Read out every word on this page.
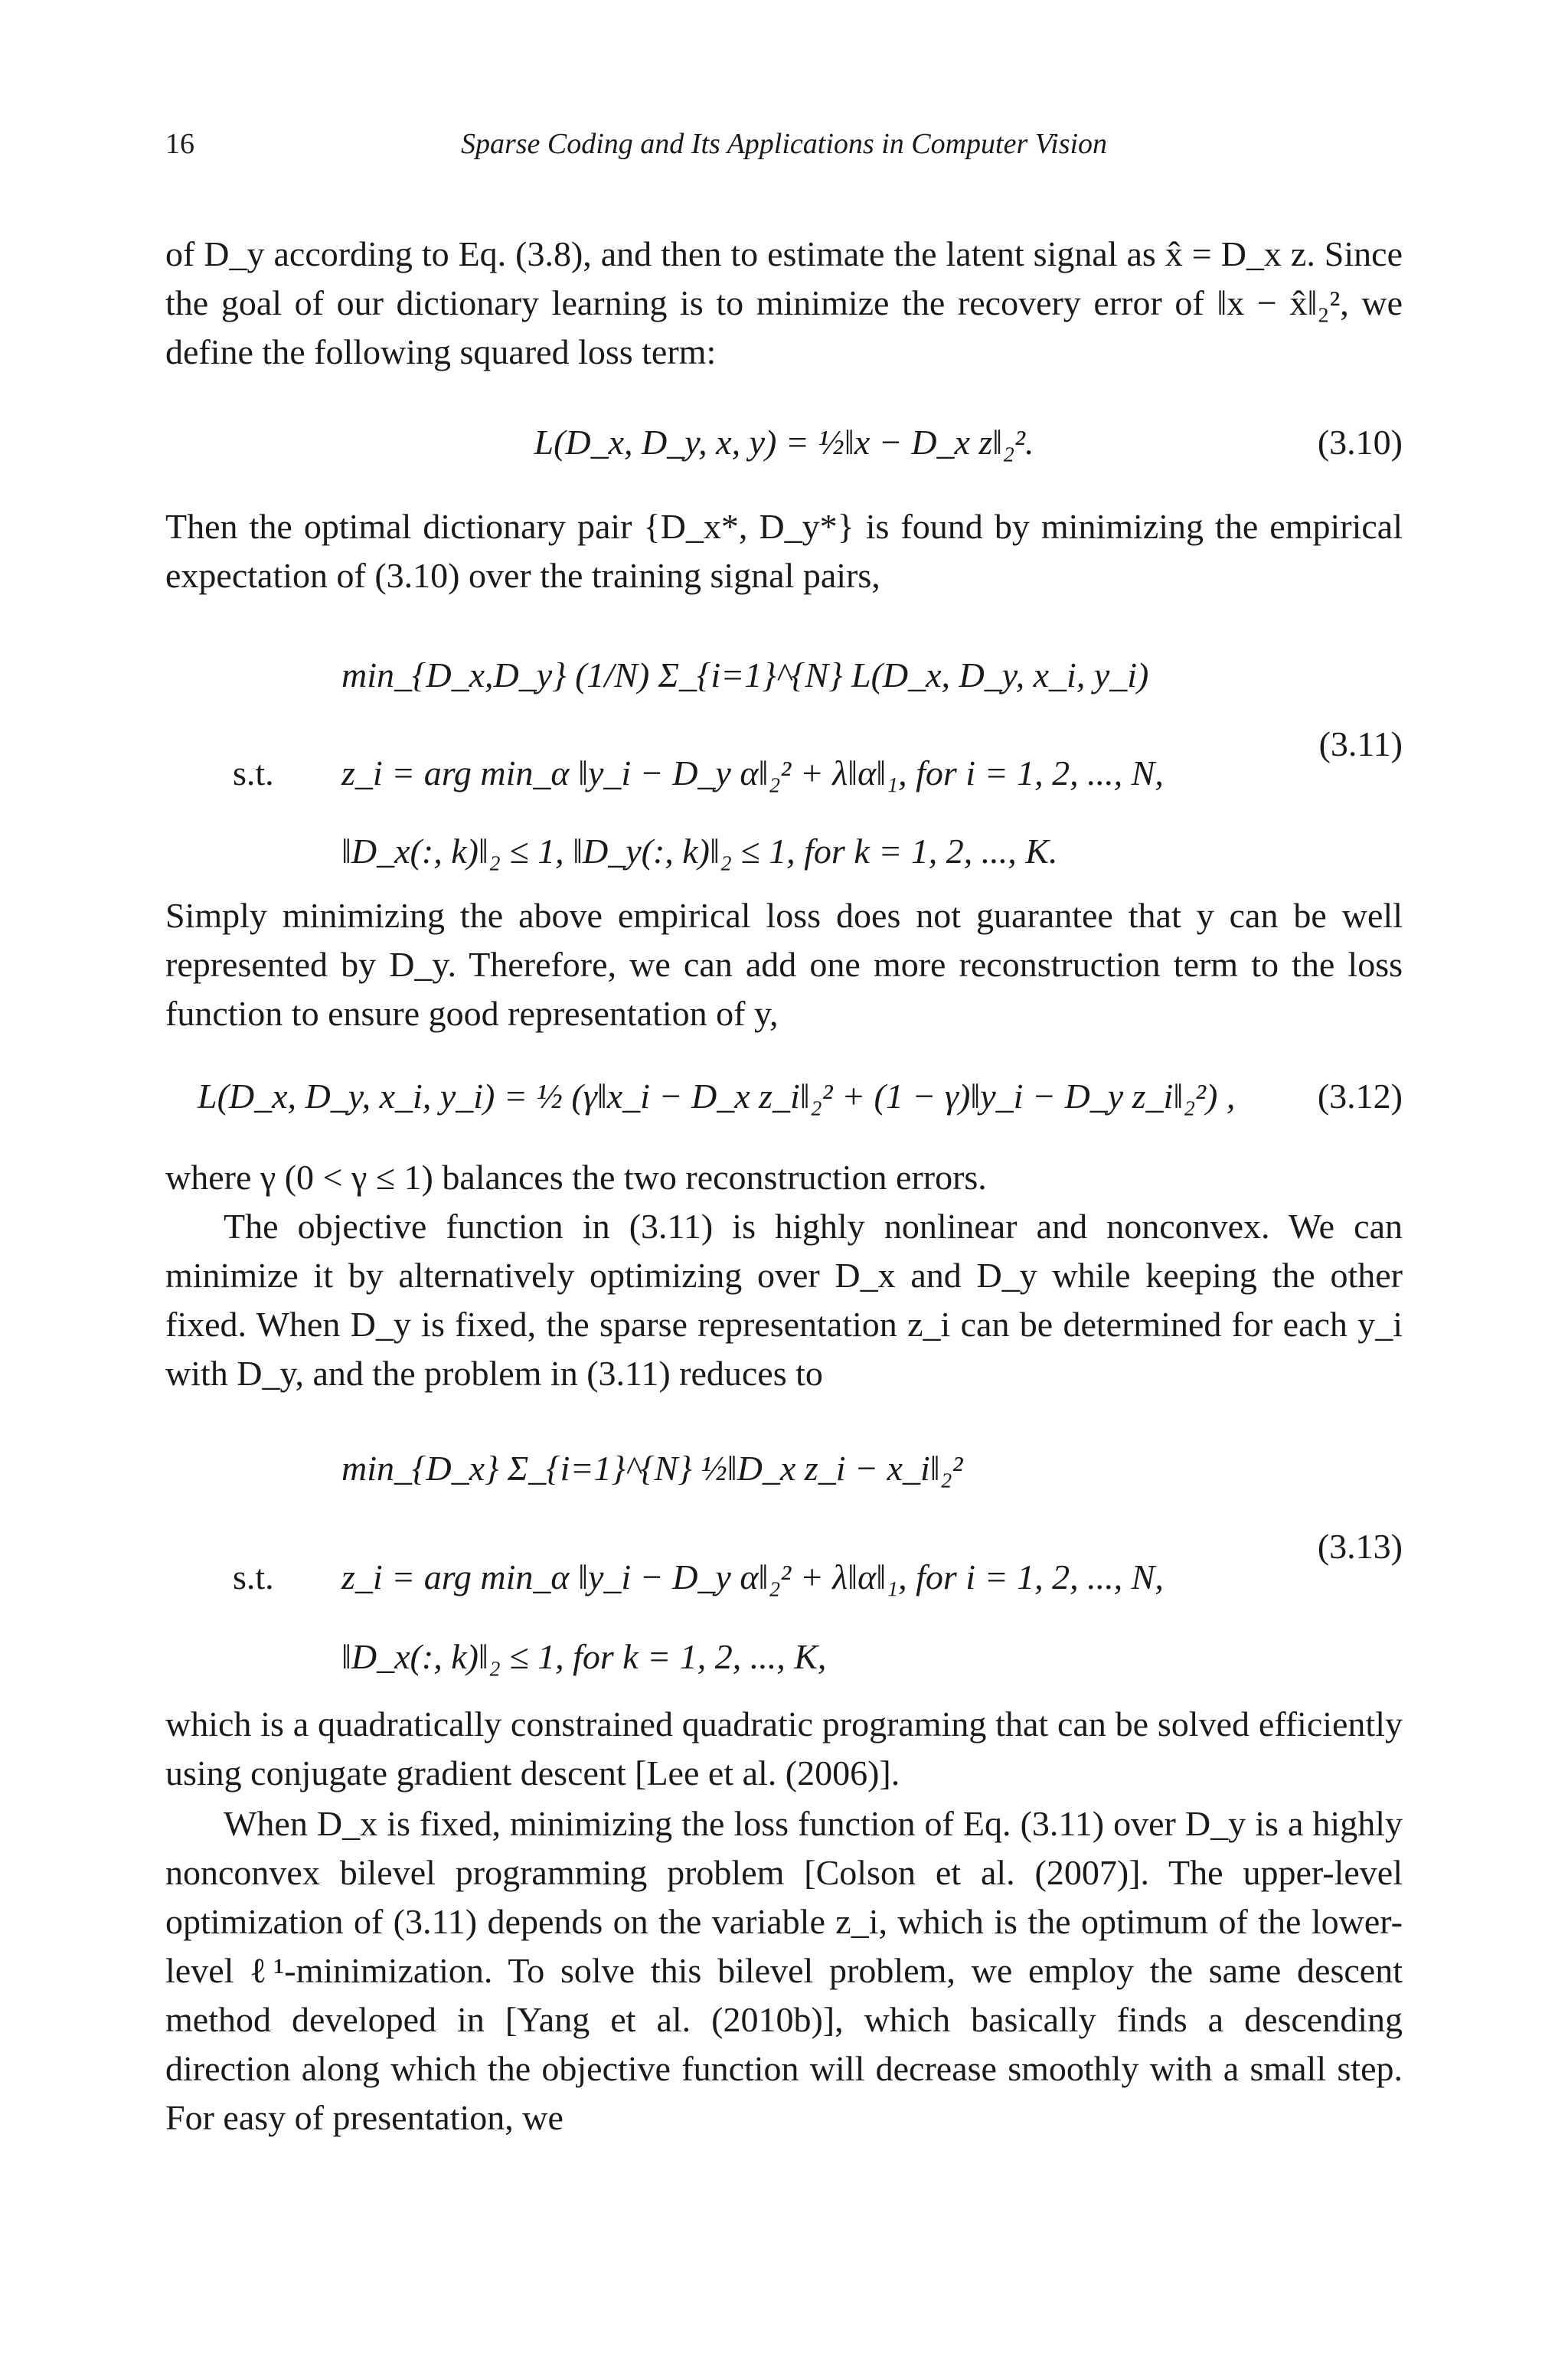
16	Sparse Coding and Its Applications in Computer Vision
of D_y according to Eq. (3.8), and then to estimate the latent signal as x̂ = D_x z. Since the goal of our dictionary learning is to minimize the recovery error of ‖x − x̂‖₂², we define the following squared loss term:
L(D_x, D_y, x, y) = ½‖x − D_x z‖₂².	(3.10)
Then the optimal dictionary pair {D_x*, D_y*} is found by minimizing the empirical expectation of (3.10) over the training signal pairs,
min_{D_x,D_y} (1/N) Σ_{i=1}^{N} L(D_x, D_y, x_i, y_i)
s.t. z_i = arg min_α ‖y_i − D_y α‖₂² + λ‖α‖₁, for i = 1, 2, ..., N,
‖D_x(:, k)‖₂ ≤ 1, ‖D_y(:, k)‖₂ ≤ 1, for k = 1, 2, ..., K.
(3.11)
Simply minimizing the above empirical loss does not guarantee that y can be well represented by D_y. Therefore, we can add one more reconstruction term to the loss function to ensure good representation of y,
L(D_x, D_y, x_i, y_i) = ½ (γ‖x_i − D_x z_i‖₂² + (1 − γ)‖y_i − D_y z_i‖₂²) , (3.12)
where γ (0 < γ ≤ 1) balances the two reconstruction errors.
The objective function in (3.11) is highly nonlinear and nonconvex. We can minimize it by alternatively optimizing over D_x and D_y while keeping the other fixed. When D_y is fixed, the sparse representation z_i can be determined for each y_i with D_y, and the problem in (3.11) reduces to
min_{D_x} Σ_{i=1}^{N} ½‖D_x z_i − x_i‖₂²
s.t. z_i = arg min_α ‖y_i − D_y α‖₂² + λ‖α‖₁, for i = 1, 2, ..., N,
‖D_x(:, k)‖₂ ≤ 1, for k = 1, 2, ..., K,
(3.13)
which is a quadratically constrained quadratic programing that can be solved efficiently using conjugate gradient descent [Lee et al. (2006)].
When D_x is fixed, minimizing the loss function of Eq. (3.11) over D_y is a highly nonconvex bilevel programming problem [Colson et al. (2007)]. The upper-level optimization of (3.11) depends on the variable z_i, which is the optimum of the lower-level ℓ¹-minimization. To solve this bilevel problem, we employ the same descent method developed in [Yang et al. (2010b)], which basically finds a descending direction along which the objective function will decrease smoothly with a small step. For easy of presentation, we
